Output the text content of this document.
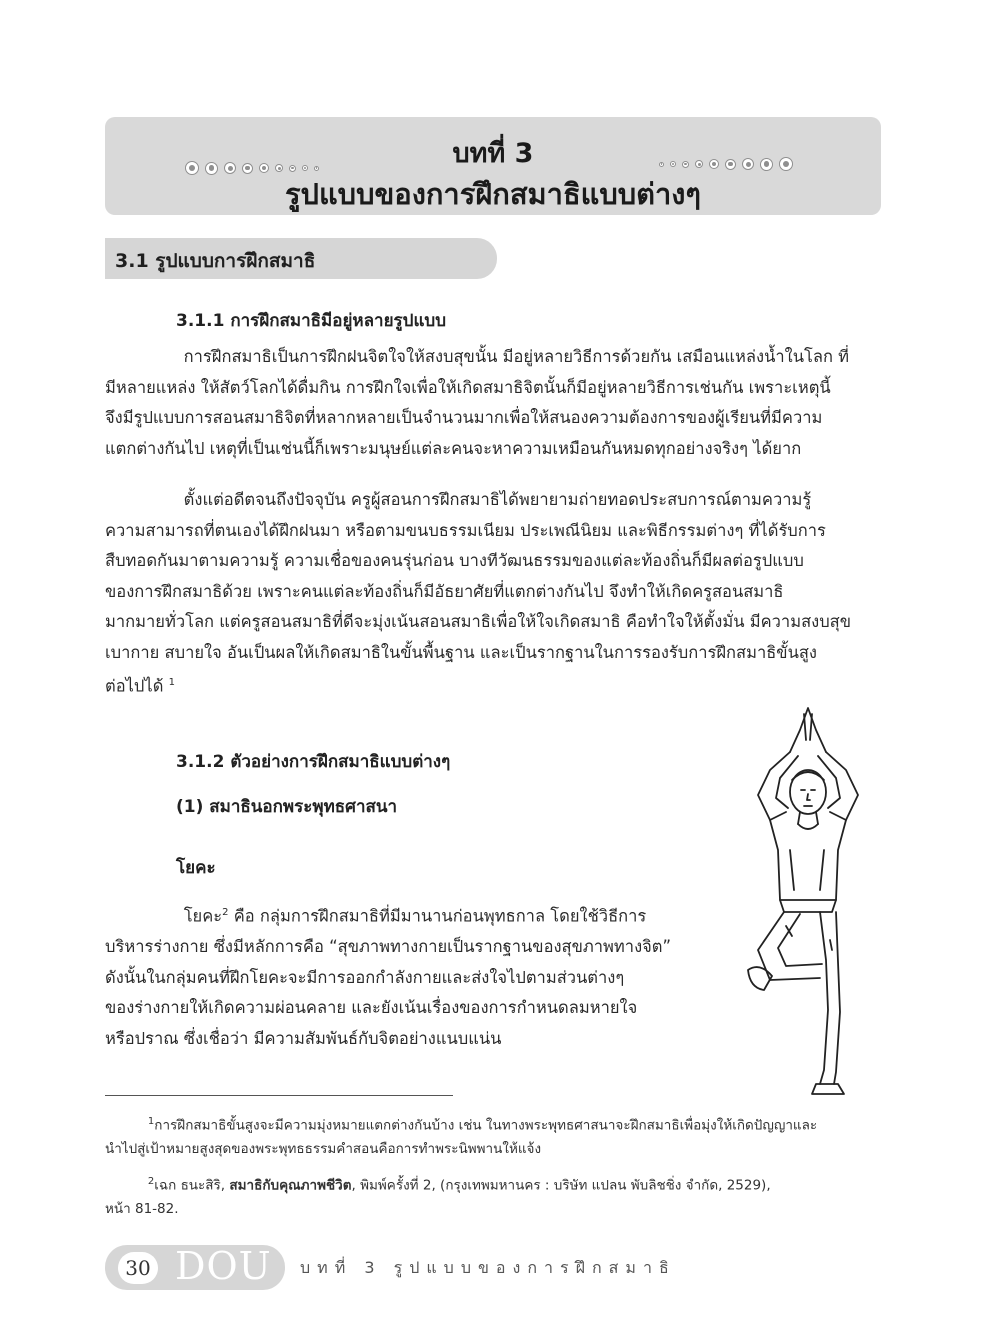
บทที่ 3
รูปแบบของการฝึกสมาธิแบบต่างๆ
3.1 รูปแบบการฝึกสมาธิ
3.1.1 การฝึกสมาธิมีอยู่หลายรูปแบบ

การฝึกสมาธิเป็นการฝึกฝนจิตใจให้สงบสุขนั้น มีอยู่หลายวิธีการด้วยกัน เสมือนแหล่งน้ำในโลก ที่

มีหลายแหล่ง ให้สัตว์โลกได้ดื่มกิน การฝึกใจเพื่อให้เกิดสมาธิจิตนั้นก็มีอยู่หลายวิธีการเช่นกัน เพราะเหตุนี้

จึงมีรูปแบบการสอนสมาธิจิตที่หลากหลายเป็นจำนวนมากเพื่อให้สนองความต้องการของผู้เรียนที่มีความ

แตกต่างกันไป เหตุที่เป็นเช่นนี้ก็เพราะมนุษย์แต่ละคนจะหาความเหมือนกันหมดทุกอย่างจริงๆ ได้ยาก

ตั้งแต่อดีตจนถึงปัจจุบัน ครูผู้สอนการฝึกสมาธิได้พยายามถ่ายทอดประสบการณ์ตามความรู้

ความสามารถที่ตนเองได้ฝึกฝนมา หรือตามขนบธรรมเนียม ประเพณีนิยม และพิธีกรรมต่างๆ ที่ได้รับการ

สืบทอดกันมาตามความรู้ ความเชื่อของคนรุ่นก่อน บางทีวัฒนธรรมของแต่ละท้องถิ่นก็มีผลต่อรูปแบบ

ของการฝึกสมาธิด้วย เพราะคนแต่ละท้องถิ่นก็มีอัธยาศัยที่แตกต่างกันไป จึงทำให้เกิดครูสอนสมาธิ

มากมายทั่วโลก แต่ครูสอนสมาธิที่ดีจะมุ่งเน้นสอนสมาธิเพื่อให้ใจเกิดสมาธิ คือทำใจให้ตั้งมั่น มีความสงบสุข

เบากาย สบายใจ อันเป็นผลให้เกิดสมาธิในขั้นพื้นฐาน และเป็นรากฐานในการรองรับการฝึกสมาธิขั้นสูง

ต่อไปได้ $^1$

3.1.2 ตัวอย่างการฝึกสมาธิแบบต่างๆ
(1) สมาธินอกพระพุทธศาสนา
โยคะ

โยคะ$^2$ คือ กลุ่มการฝึกสมาธิที่มีมานานก่อนพุทธกาล โดยใช้วิธีการ

บริหารร่างกาย ซึ่งมีหลักการคือ “สุขภาพทางกายเป็นรากฐานของสุขภาพทางจิต”

ดังนั้นในกลุ่มคนที่ฝึกโยคะจะมีการออกกำลังกายและส่งใจไปตามส่วนต่างๆ

ของร่างกายให้เกิดความผ่อนคลาย และยังเน้นเรื่องของการกำหนดลมหายใจ

หรือปราณ ซึ่งเชื่อว่า มีความสัมพันธ์กับจิตอย่างแนบแน่น

$^1$การฝึกสมาธิขั้นสูงจะมีความมุ่งหมายแตกต่างกันบ้าง เช่น ในทางพระพุทธศาสนาจะฝึกสมาธิเพื่อมุ่งให้เกิดปัญญาและ
นำไปสู่เป้าหมายสูงสุดของพระพุทธธรรมคำสอนคือการทำพระนิพพานให้แจ้ง
$^2$เฉก ธนะสิริ, สมาธิกับคุณภาพชีวิต, พิมพ์ครั้งที่ 2, (กรุงเทพมหานคร : บริษัท แปลน พับลิชชิ่ง จำกัด, 2529),
หน้า 81-82.
30 DOU บทที่ 3 รูปแบบของการฝึกสมาธิ
